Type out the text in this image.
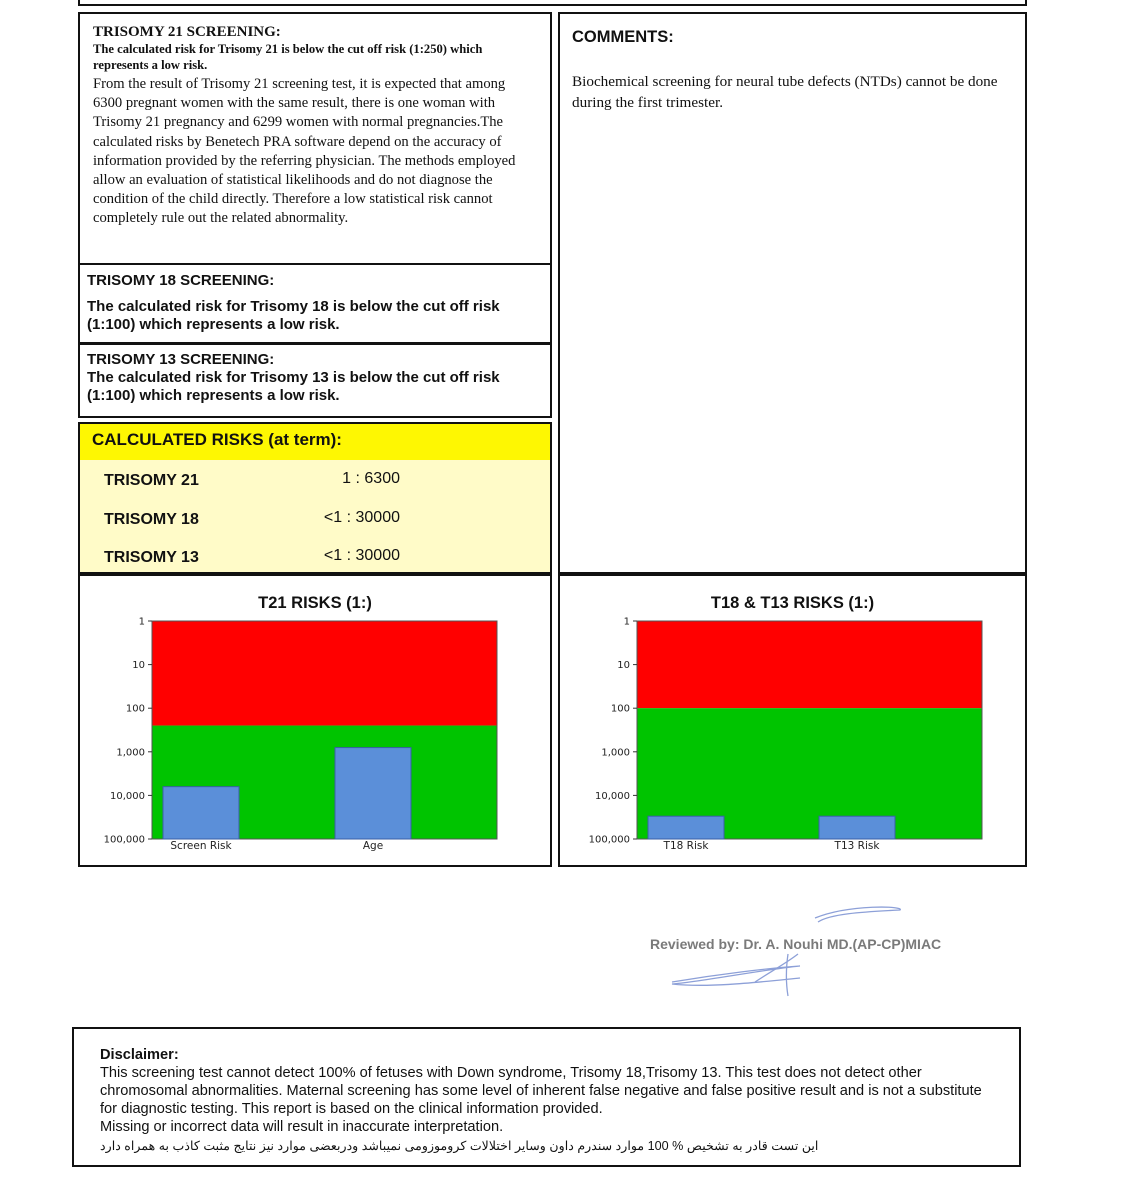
TRISOMY 21 SCREENING:
The calculated risk for Trisomy 21 is below the cut off risk (1:250) which represents a low risk.
From the result of Trisomy 21 screening test, it is expected that among 6300 pregnant women with the same result, there is one woman with Trisomy 21 pregnancy and 6299 women with normal pregnancies.The calculated risks by Benetech PRA software depend on the accuracy of information provided by the referring physician. The methods employed allow an evaluation of statistical likelihoods and do not diagnose the condition of the child directly. Therefore a low statistical risk cannot completely rule out the related abnormality.
TRISOMY 18 SCREENING:
The calculated risk for Trisomy 18 is below the cut off risk (1:100) which represents a low risk.
TRISOMY 13 SCREENING:
The calculated risk for Trisomy 13 is below the cut off risk (1:100) which represents a low risk.
CALCULATED RISKS (at term):
TRISOMY 21	1 : 6300
TRISOMY 18	<1 : 30000
TRISOMY 13	<1 : 30000
COMMENTS:
Biochemical screening for neural tube defects (NTDs) cannot be done during the first trimester.
T21 RISKS (1:)
1
10
100
1,000
10,000
100,000 Screen Risk	Age
T18 & T13 RISKS (1:)
1
10
100
1,000
10,000
100,000	T18 Risk	T13 Risk
Reviewed by: Dr. A. Nouhi MD.(AP-CP)MIAC
Disclaimer:
This screening test cannot detect 100% of fetuses with Down syndrome, Trisomy 18,Trisomy 13. This test does not detect other chromosomal abnormalities. Maternal screening has some level of inherent false negative and false positive result and is not a substitute for diagnostic testing. This report is based on the clinical information provided.
Missing or incorrect data will result in inaccurate interpretation.
این تست قادر به تشخیص % 100 موارد سندرم داون وسایر اختلالات کروموزومی نمیباشد ودربعضی موارد نیز نتایج مثبت کاذب به همراه دارد
